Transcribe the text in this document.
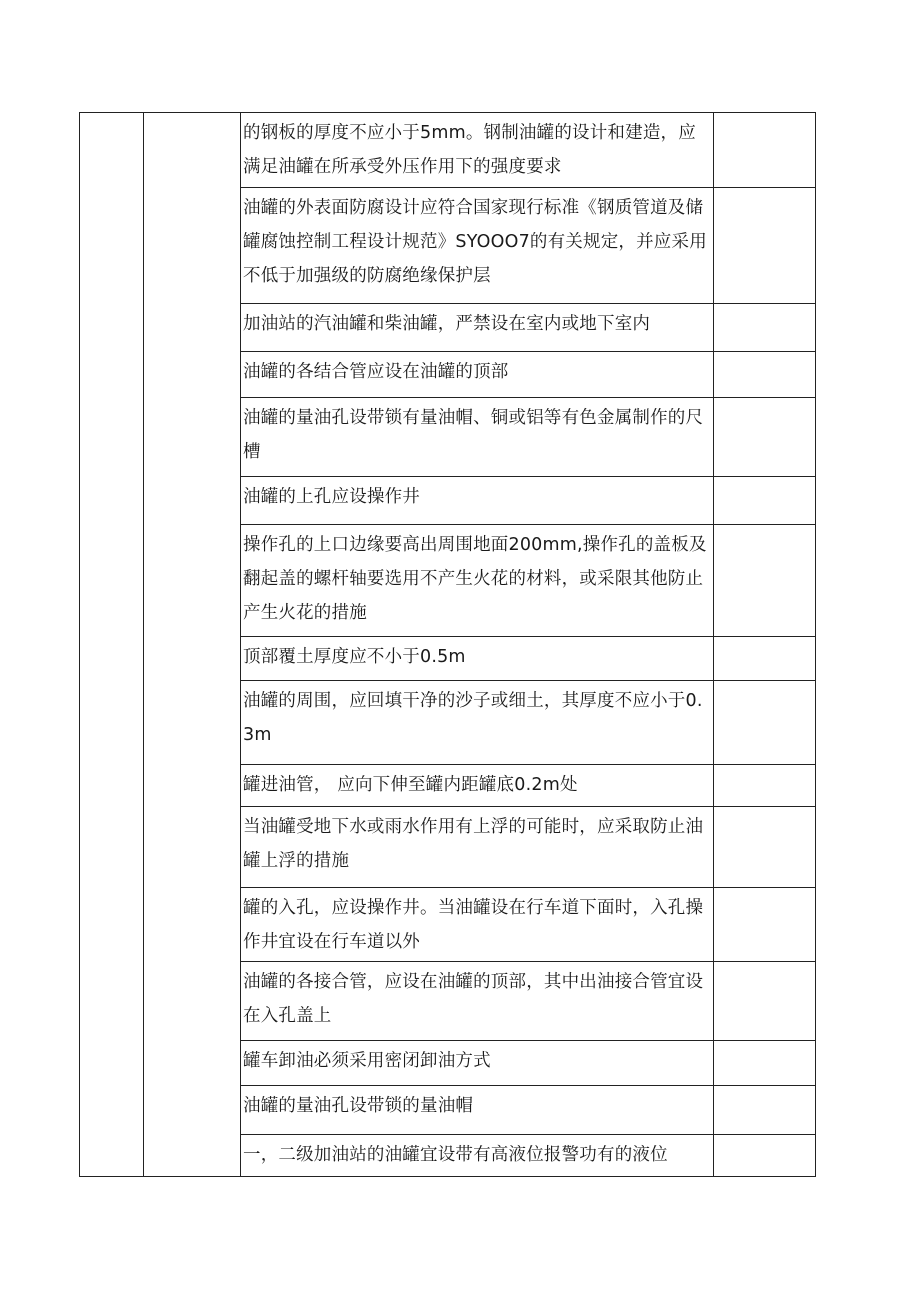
		的钢板的厚度不应小于5mm。钢制油罐的设计和建造，应满足油罐在所承受外压作用下的强度要求	

		油罐的外表面防腐设计应符合国家现行标准《钢质管道及储罐腐蚀控制工程设计规范》SYOOO7的有关规定，并应采用不低于加强级的防腐绝缘保护层	

		加油站的汽油罐和柴油罐，严禁设在室内或地下室内	

		油罐的各结合管应设在油罐的顶部	

		油罐的量油孔设带锁有量油帽、铜或铝等有色金属制作的尺槽	

		油罐的上孔应设操作井	

		操作孔的上口边缘要高出周围地面200mm,操作孔的盖板及翻起盖的螺杆轴要选用不产生火花的材料，或采限其他防止产生火花的措施	

		顶部覆土厚度应不小于0.5m	

		油罐的周围，应回填干净的沙子或细土，其厚度不应小于0.3m	

		罐进油管， 应向下伸至罐内距罐底0.2m处	

		当油罐受地下水或雨水作用有上浮的可能时，应采取防止油罐上浮的措施	

		罐的入孔，应设操作井。当油罐设在行车道下面时，入孔操作井宜设在行车道以外	

		油罐的各接合管，应设在油罐的顶部，其中出油接合管宜设在入孔盖上	

		罐车卸油必须采用密闭卸油方式	

		油罐的量油孔设带锁的量油帽	

		一，二级加油站的油罐宜设带有高液位报警功有的液位	
